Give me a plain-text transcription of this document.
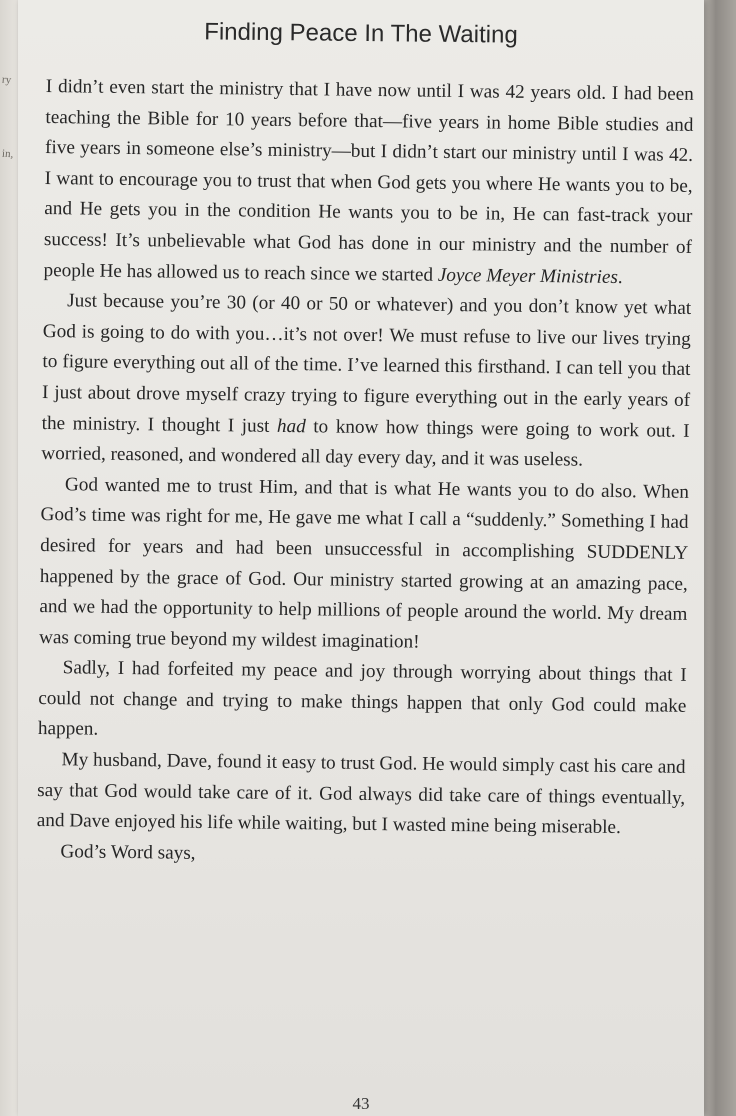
ry
in,
Finding Peace In The Waiting

I didn’t even start the ministry that I have now until I was 42 years old. I had been teaching the Bible for 10 years before that—five years in home Bible studies and five years in someone else’s ministry—but I didn’t start our ministry until I was 42. I want to encourage you to trust that when God gets you where He wants you to be, and He gets you in the condition He wants you to be in, He can fast-track your success! It’s unbelievable what God has done in our ministry and the number of people He has allowed us to reach since we started Joyce Meyer Ministries.

Just because you’re 30 (or 40 or 50 or whatever) and you don’t know yet what God is going to do with you…it’s not over! We must refuse to live our lives trying to figure everything out all of the time. I’ve learned this firsthand. I can tell you that I just about drove myself crazy trying to figure everything out in the early years of the ministry. I thought I just had to know how things were going to work out. I worried, reasoned, and wondered all day every day, and it was useless.

God wanted me to trust Him, and that is what He wants you to do also. When God’s time was right for me, He gave me what I call a “suddenly.” Something I had desired for years and had been unsuccessful in accomplishing SUDDENLY happened by the grace of God. Our ministry started growing at an amazing pace, and we had the opportunity to help millions of people around the world. My dream was coming true beyond my wildest imagination!

Sadly, I had forfeited my peace and joy through worrying about things that I could not change and trying to make things happen that only God could make happen.

My husband, Dave, found it easy to trust God. He would simply cast his care and say that God would take care of it. God always did take care of things eventually, and Dave enjoyed his life while waiting, but I wasted mine being miserable.

God’s Word says,

43
